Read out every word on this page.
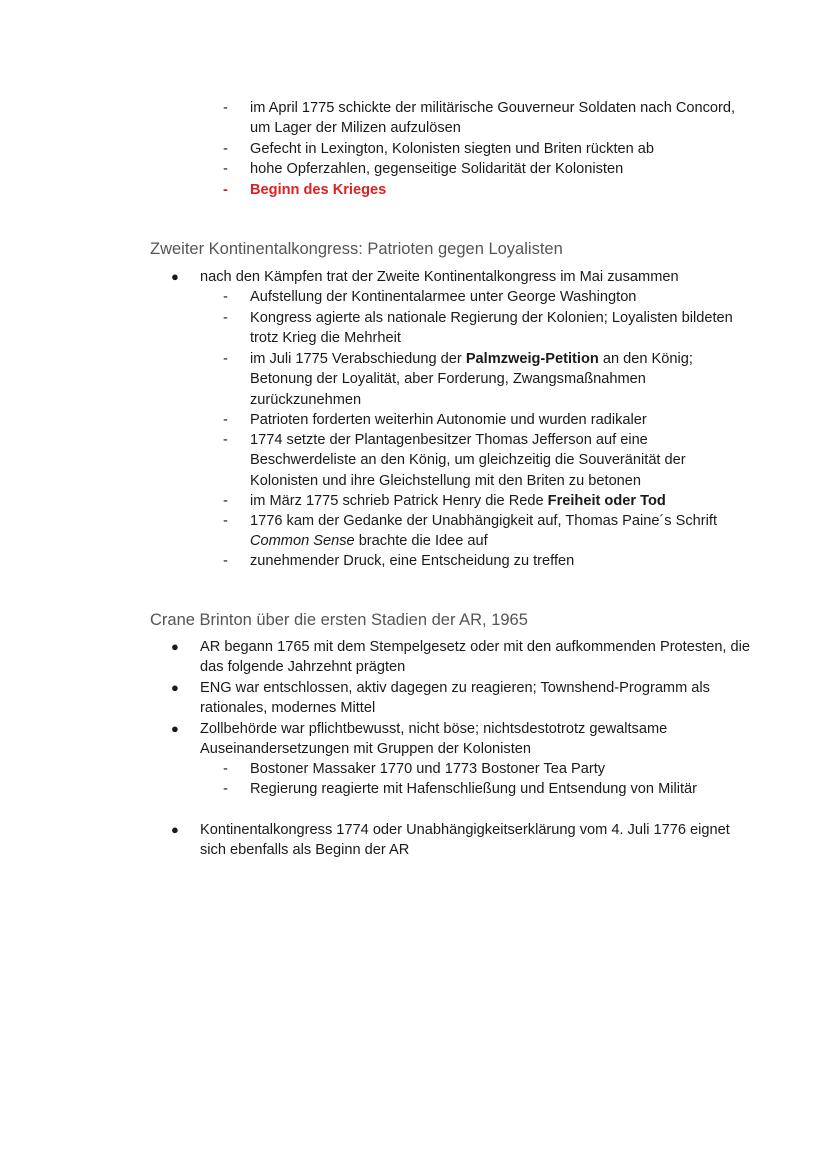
-	im April 1775 schickte der militärische Gouverneur Soldaten nach Concord, um Lager der Milizen aufzulösen
-	Gefecht in Lexington, Kolonisten siegten und Briten rückten ab
-	hohe Opferzahlen, gegenseitige Solidarität der Kolonisten
-	Beginn des Krieges
Zweiter Kontinentalkongress: Patrioten gegen Loyalisten
●	nach den Kämpfen trat der Zweite Kontinentalkongress im Mai zusammen
-	Aufstellung der Kontinentalarmee unter George Washington
-	Kongress agierte als nationale Regierung der Kolonien; Loyalisten bildeten trotz Krieg die Mehrheit
-	im Juli 1775 Verabschiedung der Palmzweig-Petition an den König; Betonung der Loyalität, aber Forderung, Zwangsmaßnahmen zurückzunehmen
-	Patrioten forderten weiterhin Autonomie und wurden radikaler
-	1774 setzte der Plantagenbesitzer Thomas Jefferson auf eine Beschwerdeliste an den König, um gleichzeitig die Souveränität der Kolonisten und ihre Gleichstellung mit den Briten zu betonen
-	im März 1775 schrieb Patrick Henry die Rede Freiheit oder Tod
-	1776 kam der Gedanke der Unabhängigkeit auf, Thomas Paine´s Schrift Common Sense brachte die Idee auf
-	zunehmender Druck, eine Entscheidung zu treffen
Crane Brinton über die ersten Stadien der AR, 1965
●	AR begann 1765 mit dem Stempelgesetz oder mit den aufkommenden Protesten, die das folgende Jahrzehnt prägten
●	ENG war entschlossen, aktiv dagegen zu reagieren; Townshend-Programm als rationales, modernes Mittel
●	Zollbehörde war pflichtbewusst, nicht böse; nichtsdestotrotz gewaltsame Auseinandersetzungen mit Gruppen der Kolonisten
-	Bostoner Massaker 1770 und 1773 Bostoner Tea Party
-	Regierung reagierte mit Hafenschließung und Entsendung von Militär
●	Kontinentalkongress 1774 oder Unabhängigkeitserklärung vom 4. Juli 1776 eignet sich ebenfalls als Beginn der AR
